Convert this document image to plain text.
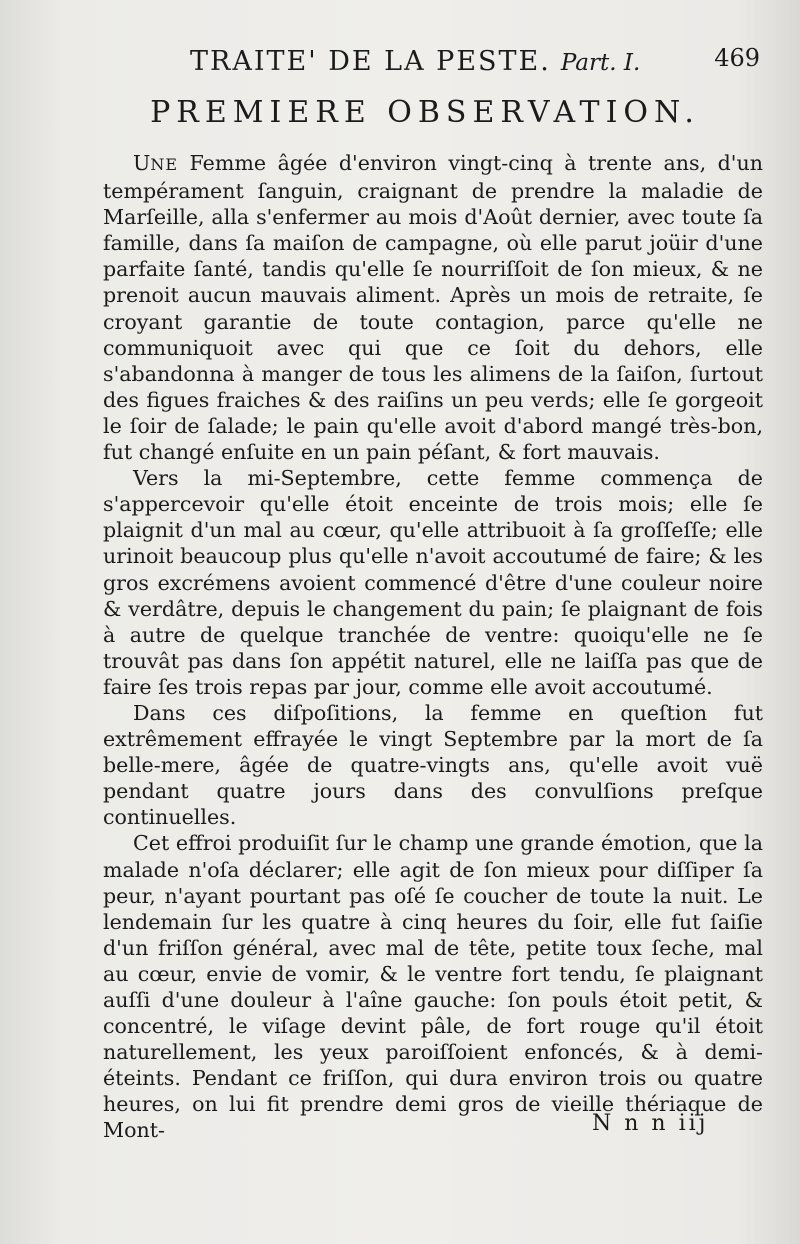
TRAITE' DE LA PESTE. Part. I.	469
PREMIERE OBSERVATION.

UNE Femme âgée d'environ vingt-cinq à trente ans, d'un tempérament ſanguin, craignant de prendre la maladie de Marſeille, alla s'enfermer au mois d'Août dernier, avec toute ſa famille, dans ſa maiſon de campagne, où elle parut joüir d'une parfaite ſanté, tandis qu'elle ſe nourriſſoit de ſon mieux, & ne prenoit aucun mauvais aliment. Après un mois de retraite, ſe croyant garantie de toute contagion, parce qu'elle ne communiquoit avec qui que ce ſoit du dehors, elle s'abandonna à manger de tous les alimens de la ſaiſon, ſurtout des figues fraiches & des raiſins un peu verds; elle ſe gorgeoit le ſoir de ſalade; le pain qu'elle avoit d'abord mangé très-bon, fut changé enſuite en un pain péſant, & fort mauvais.

Vers la mi-Septembre, cette femme commença de s'appercevoir qu'elle étoit enceinte de trois mois; elle ſe plaignit d'un mal au cœur, qu'elle attribuoit à ſa groſſeſſe; elle urinoit beaucoup plus qu'elle n'avoit accoutumé de faire; & les gros excrémens avoient commencé d'être d'une couleur noire & verdâtre, depuis le changement du pain; ſe plaignant de fois à autre de quelque tranchée de ventre: quoiqu'elle ne ſe trouvât pas dans ſon appétit naturel, elle ne laiſſa pas que de faire ſes trois repas par jour, comme elle avoit accoutumé.

Dans ces diſpoſitions, la femme en queſtion fut extrêmement effrayée le vingt Septembre par la mort de ſa belle-mere, âgée de quatre-vingts ans, qu'elle avoit vuë pendant quatre jours dans des convulſions preſque continuelles.

Cet effroi produiſit ſur le champ une grande émotion, que la malade n'oſa déclarer; elle agit de ſon mieux pour diſſiper ſa peur, n'ayant pourtant pas oſé ſe coucher de toute la nuit. Le lendemain ſur les quatre à cinq heures du ſoir, elle fut ſaiſie d'un friſſon général, avec mal de tête, petite toux ſeche, mal au cœur, envie de vomir, & le ventre fort tendu, ſe plaignant auſſi d'une douleur à l'aîne gauche: ſon pouls étoit petit, & concentré, le viſage devint pâle, de fort rouge qu'il étoit naturellement, les yeux paroiſſoient enfoncés, & à demi-éteints. Pendant ce friſſon, qui dura environ trois ou quatre heures, on lui fit prendre demi gros de vieille thériaque de Mont-	N n n iij
